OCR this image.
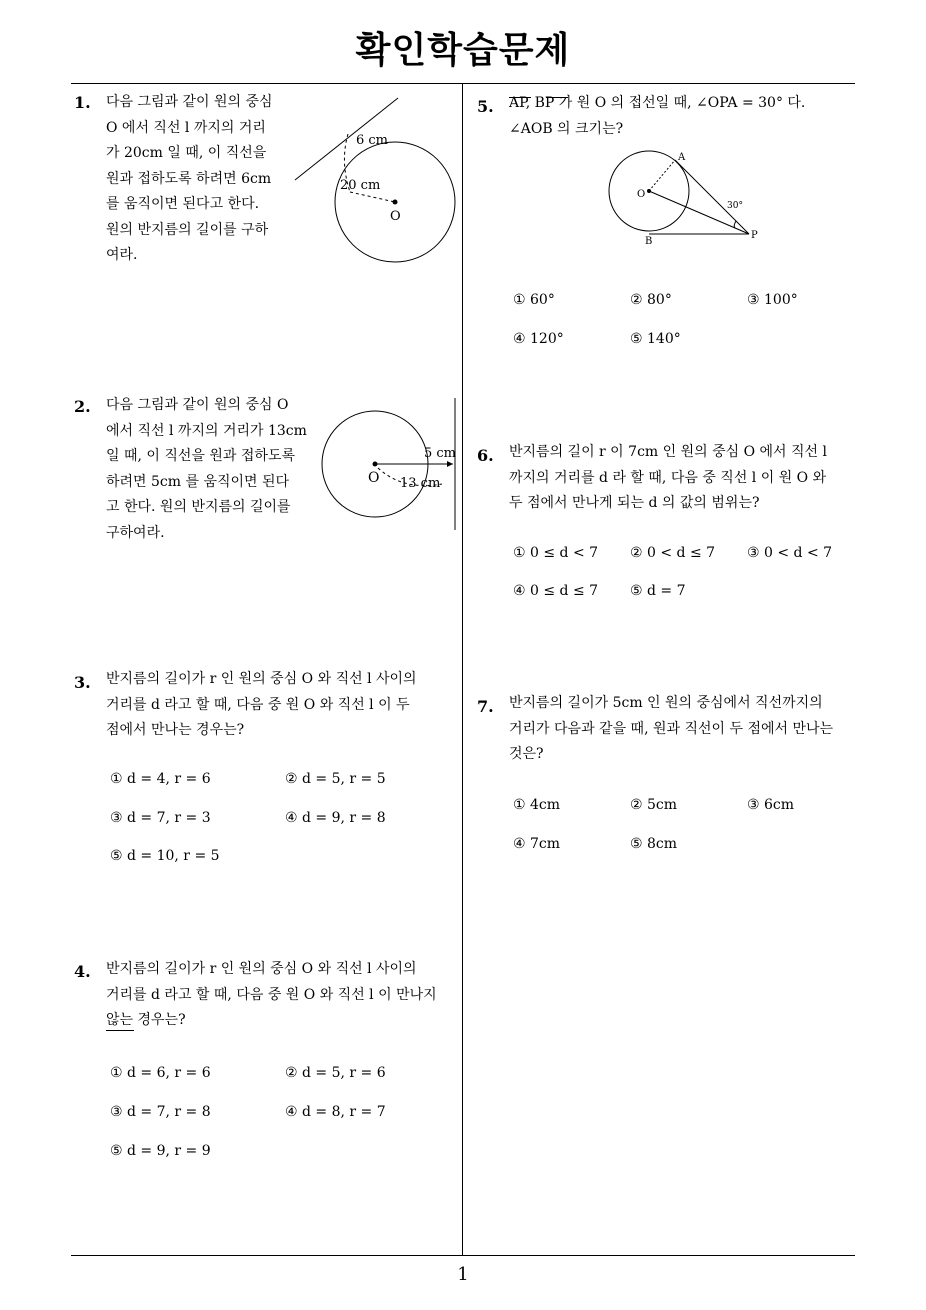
확인학습문제
1. 다음 그림과 같이 원의 중심
O 에서 직선 l 까지의 거리
가 20cm 일 때, 이 직선을
원과 접하도록 하려면 6cm
를 움직이면 된다고 한다.
원의 반지름의 길이를 구하
여라.
6 cm
20 cm
O
2. 다음 그림과 같이 원의 중심 O
에서 직선 l 까지의 거리가 13cm
일 때, 이 직선을 원과 접하도록
하려면 5cm 를 움직이면 된다
고 한다. 원의 반지름의 길이를
구하여라.
5 cm
13 cm
O
3. 반지름의 길이가 r 인 원의 중심 O 와 직선 l 사이의
거리를 d 라고 할 때, 다음 중 원 O 와 직선 l 이 두
점에서 만나는 경우는?
① d = 4, r = 6	② d = 5, r = 5
③ d = 7, r = 3	④ d = 9, r = 8
⑤ d = 10, r = 5
4. 반지름의 길이가 r 인 원의 중심 O 와 직선 l 사이의
거리를 d 라고 할 때, 다음 중 원 O 와 직선 l 이 만나지
않는 경우는?
① d = 6, r = 6	② d = 5, r = 6
③ d = 7, r = 8	④ d = 8, r = 7
⑤ d = 9, r = 9
5. AP, BP 가 원 O 의 접선일 때, ∠OPA = 30° 다.
∠AOB 의 크기는?
O
A
B
P
30°
① 60°	② 80°	③ 100°
④ 120°	⑤ 140°
6. 반지름의 길이 r 이 7cm 인 원의 중심 O 에서 직선 l
까지의 거리를 d 라 할 때, 다음 중 직선 l 이 원 O 와
두 점에서 만나게 되는 d 의 값의 범위는?
① 0 ≤ d < 7 ② 0 < d ≤ 7 ③ 0 < d < 7
④ 0 ≤ d ≤ 7 ⑤ d = 7
7. 반지름의 길이가 5cm 인 원의 중심에서 직선까지의
거리가 다음과 같을 때, 원과 직선이 두 점에서 만나는
것은?
① 4cm	② 5cm	③ 6cm
④ 7cm	⑤ 8cm
1
